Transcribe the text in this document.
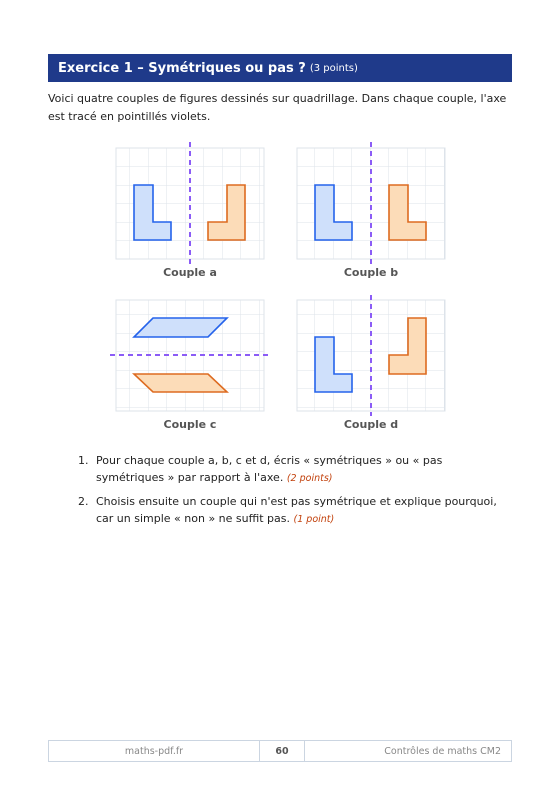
Exercice 1 – Symétriques ou pas ? (3 points)

Voici quatre couples de figures dessinés sur quadrillage. Dans chaque couple, l'axe est tracé en pointillés violets.

Couple a	Couple b
Couple c	Couple d
1. Pour chaque couple a, b, c et d, écris « symétriques » ou « pas symétriques » par rapport à l'axe. (2 points)
2. Choisis ensuite un couple qui n'est pas symétrique et explique pourquoi, car un simple « non » ne suffit pas. (1 point)
maths-pdf.fr	60	Contrôles de maths CM2
